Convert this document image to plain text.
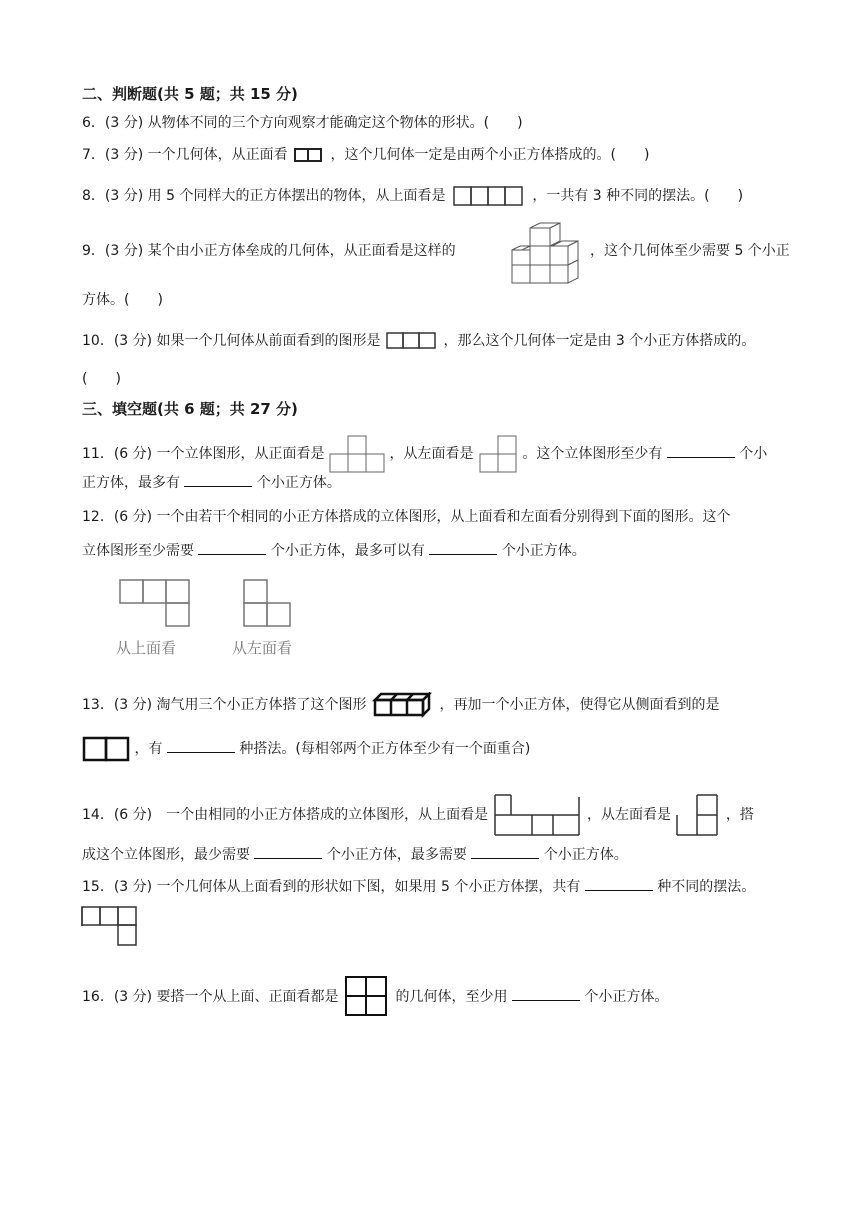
二、判断题(共 5 题；共 15 分)
6．(3 分) 从物体不同的三个方向观察才能确定这个物体的形状。(　　)
7．(3 分) 一个几何体，从正面看	，这个几何体一定是由两个小正方体搭成的。(　　)
8．(3 分) 用 5 个同样大的正方体摆出的物体，从上面看是	，一共有 3 种不同的摆法。(　　)
9．(3 分) 某个由小正方体垒成的几何体，从正面看是这样的	，这个几何体至少需要 5 个小正
方体。(　　)
10．(3 分) 如果一个几何体从前面看到的图形是	，那么这个几何体一定是由 3 个小正方体搭成的。
(　　)
三、填空题(共 6 题；共 27 分)
11．(6 分) 一个立体图形，从正面看是	，从左面看是	。这个立体图形至少有	个小
正方体，最多有	个小正方体。
12．(6 分) 一个由若干个相同的小正方体搭成的立体图形，从上面看和左面看分别得到下面的图形。这个
立体图形至少需要	个小正方体，最多可以有	个小正方体。
从上面看	从左面看
13．(3 分) 淘气用三个小正方体搭了这个图形	，再加一个小正方体，使得它从侧面看到的是
，有	种搭法。(每相邻两个正方体至少有一个面重合)
14．(6 分)　一个由相同的小正方体搭成的立体图形，从上面看是	，从左面看是	，搭
成这个立体图形，最少需要	个小正方体，最多需要	个小正方体。
15．(3 分) 一个几何体从上面看到的形状如下图，如果用 5 个小正方体摆，共有	种不同的摆法。
16．(3 分) 要搭一个从上面、正面看都是	的几何体，至少用	个小正方体。
